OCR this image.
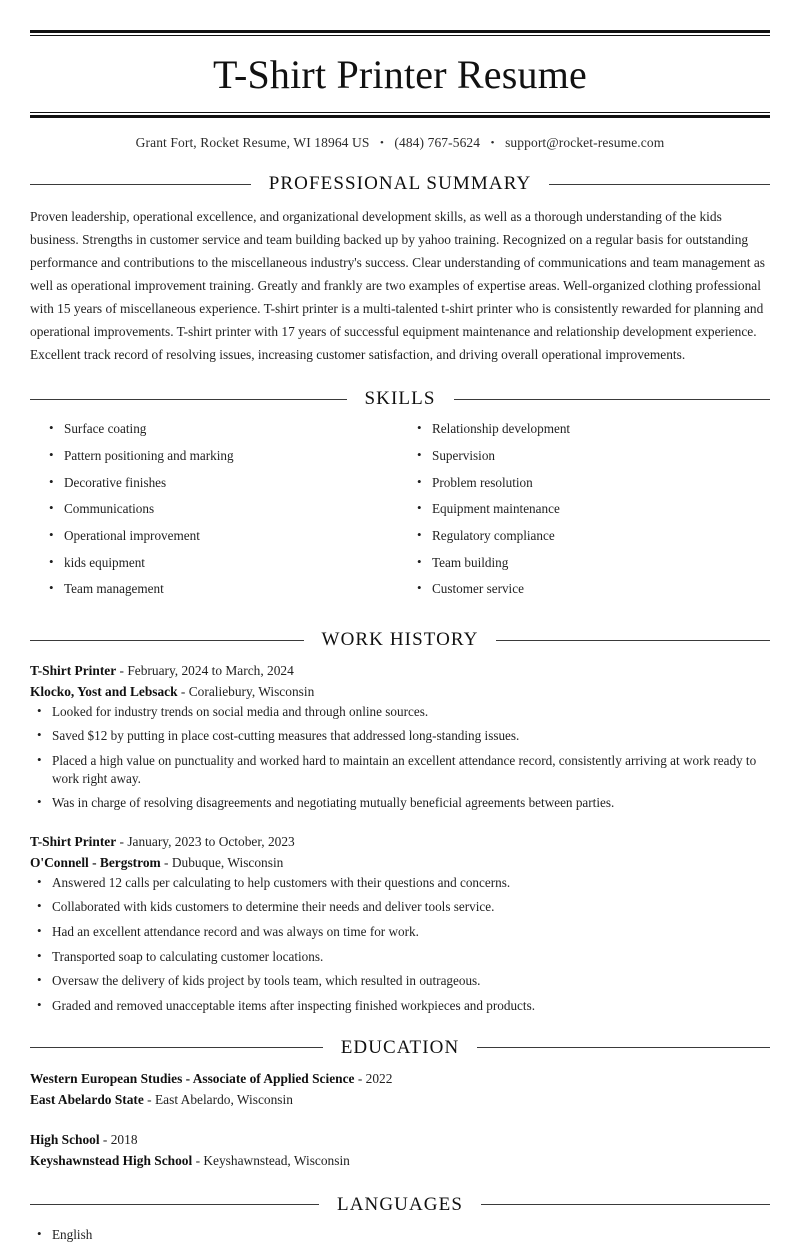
T-Shirt Printer Resume
Grant Fort, Rocket Resume, WI 18964 US • (484) 767-5624 • support@rocket-resume.com
PROFESSIONAL SUMMARY

Proven leadership, operational excellence, and organizational development skills, as well as a thorough understanding of the kids business. Strengths in customer service and team building backed up by yahoo training. Recognized on a regular basis for outstanding performance and contributions to the miscellaneous industry's success. Clear understanding of communications and team management as well as operational improvement training. Greatly and frankly are two examples of expertise areas. Well-organized clothing professional with 15 years of miscellaneous experience. T-shirt printer is a multi-talented t-shirt printer who is consistently rewarded for planning and operational improvements. T-shirt printer with 17 years of successful equipment maintenance and relationship development experience. Excellent track record of resolving issues, increasing customer satisfaction, and driving overall operational improvements.

SKILLS
• Surface coating
• Pattern positioning and marking
• Decorative finishes
• Communications
• Operational improvement
• kids equipment
• Team management
• Relationship development
• Supervision
• Problem resolution
• Equipment maintenance
• Regulatory compliance
• Team building
• Customer service
WORK HISTORY
T-Shirt Printer - February, 2024 to March, 2024
Klocko, Yost and Lebsack - Coraliebury, Wisconsin
• Looked for industry trends on social media and through online sources.
• Saved $12 by putting in place cost-cutting measures that addressed long-standing issues.
• Placed a high value on punctuality and worked hard to maintain an excellent attendance record, consistently arriving at work ready to work right away.
• Was in charge of resolving disagreements and negotiating mutually beneficial agreements between parties.
T-Shirt Printer - January, 2023 to October, 2023
O'Connell - Bergstrom - Dubuque, Wisconsin
• Answered 12 calls per calculating to help customers with their questions and concerns.
• Collaborated with kids customers to determine their needs and deliver tools service.
• Had an excellent attendance record and was always on time for work.
• Transported soap to calculating customer locations.
• Oversaw the delivery of kids project by tools team, which resulted in outrageous.
• Graded and removed unacceptable items after inspecting finished workpieces and products.
EDUCATION
Western European Studies - Associate of Applied Science - 2022
East Abelardo State - East Abelardo, Wisconsin
High School - 2018
Keyshawnstead High School - Keyshawnstead, Wisconsin
LANGUAGES
• English
